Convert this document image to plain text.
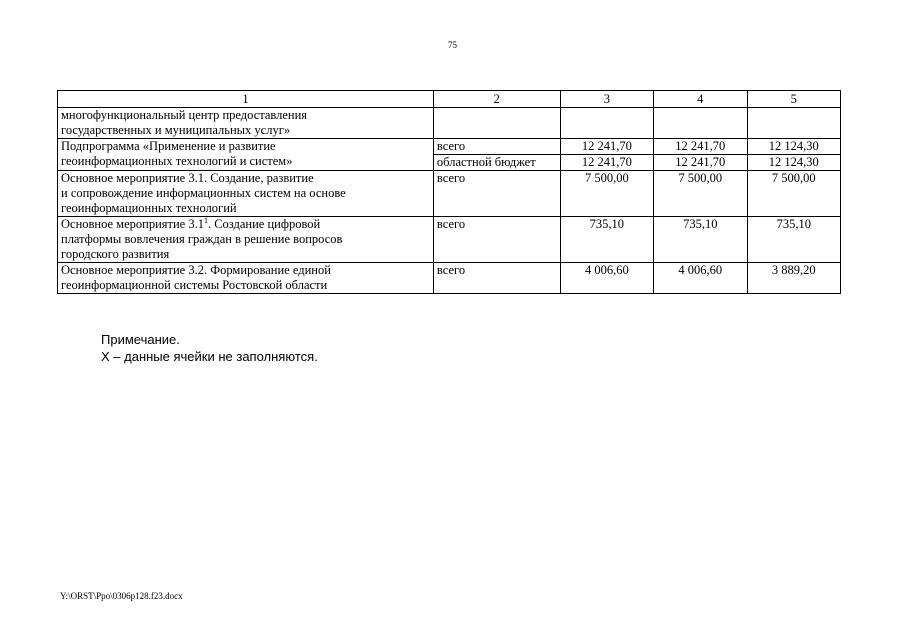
75
1	2	3	4	5

многофункциональный центр предоставления
государственных и муниципальных услуг»				

Подпрограмма «Применение и развитие
геоинформационных технологий и систем»	всего	12 241,70	12 241,70	12 124,30
	областной бюджет	12 241,70	12 241,70	12 124,30

Основное мероприятие 3.1. Создание, развитие
и сопровождение информационных систем на основе
геоинформационных технологий	всего	7 500,00	7 500,00	7 500,00

Основное мероприятие $3.1^1$. Создание цифровой
платформы вовлечения граждан в решение вопросов
городского развития	всего	735,10	735,10	735,10

Основное мероприятие 3.2. Формирование единой
геоинформационной системы Ростовской области	всего	4 006,60	4 006,60	3 889,20
Примечание.
Х – данные ячейки не заполняются.
Y:\ORST\Ppo\0306p128.f23.docx
